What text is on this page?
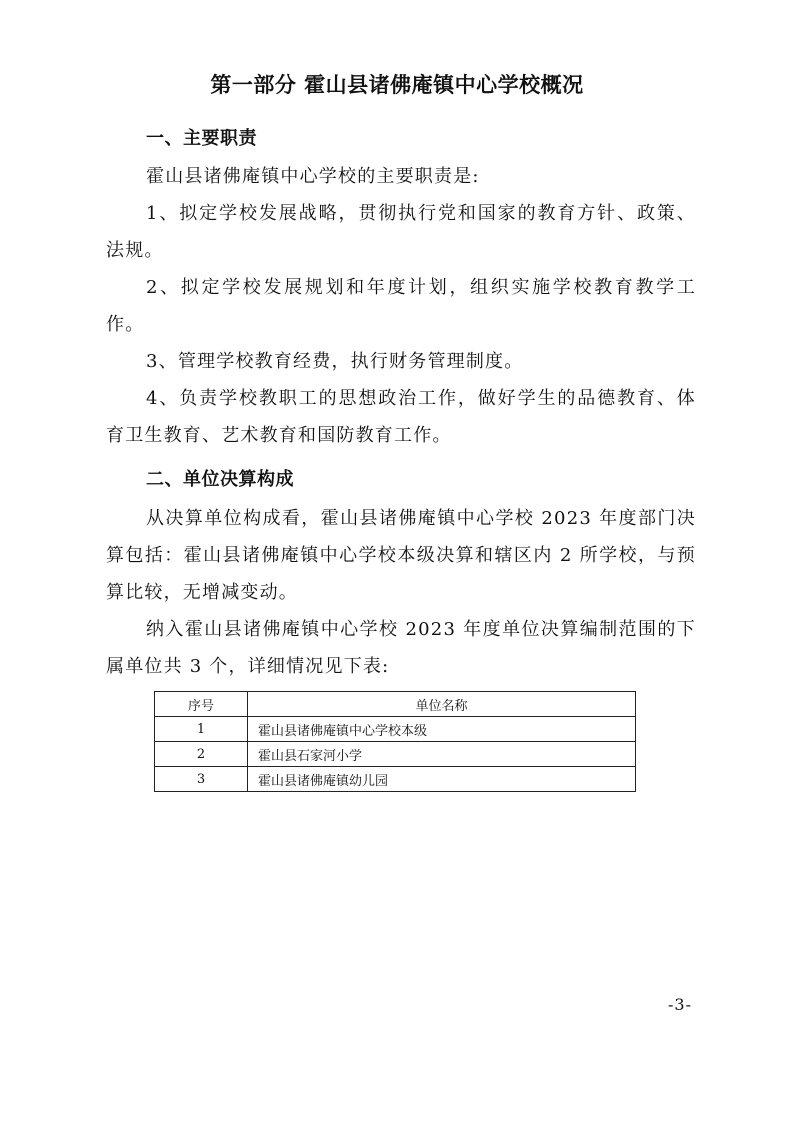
第一部分 霍山县诸佛庵镇中心学校概况
一、主要职责

霍山县诸佛庵镇中心学校的主要职责是:

1、拟定学校发展战略，贯彻执行党和国家的教育方针、政策、法规。

2、拟定学校发展规划和年度计划，组织实施学校教育教学工作。

3、管理学校教育经费，执行财务管理制度。

4、负责学校教职工的思想政治工作，做好学生的品德教育、体育卫生教育、艺术教育和国防教育工作。

二、单位决算构成

从决算单位构成看，霍山县诸佛庵镇中心学校 2023 年度部门决算包括：霍山县诸佛庵镇中心学校本级决算和辖区内 2 所学校，与预算比较，无增减变动。

纳入霍山县诸佛庵镇中心学校 2023 年度单位决算编制范围的下属单位共 3 个，详细情况见下表:

序号	单位名称
1	霍山县诸佛庵镇中心学校本级
2	霍山县石家河小学
3	霍山县诸佛庵镇幼儿园
-3-
